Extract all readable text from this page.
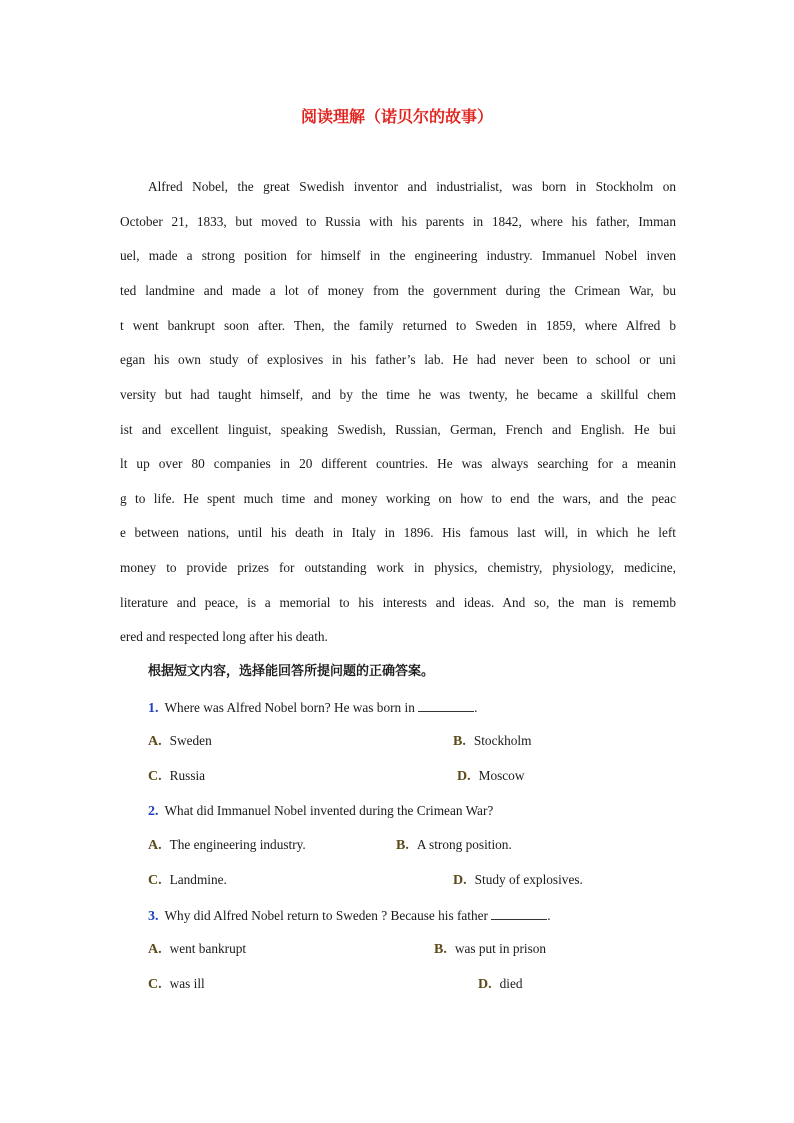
阅读理解（诺贝尔的故事）
Alfred Nobel, the great Swedish inventor and industrialist, was born in Stockholm on
October 21, 1833, but moved to Russia with his parents in 1842, where his father, Imman
uel, made a strong position for himself in the engineering industry. Immanuel Nobel inven
ted landmine and made a lot of money from the government during the Crimean War, bu
t went bankrupt soon after. Then, the family returned to Sweden in 1859, where Alfred b
egan his own study of explosives in his father’s lab. He had never been to school or uni
versity but had taught himself, and by the time he was twenty, he became a skillful chem
ist and excellent linguist, speaking Swedish, Russian, German, French and English. He bui
lt up over 80 companies in 20 different countries. He was always searching for a meanin
g to life. He spent much time and money working on how to end the wars, and the peac
e between nations, until his death in Italy in 1896. His famous last will, in which he left
money to provide prizes for outstanding work in physics, chemistry, physiology, medicine,
literature and peace, is a memorial to his interests and ideas. And so, the man is rememb
ered and respected long after his death.
根据短文内容，选择能回答所提问题的正确答案。
1. Where was Alfred Nobel born? He was born in	.
A. Sweden	B. Stockholm
C. Russia	D. Moscow
2. What did Immanuel Nobel invented during the Crimean War?
A. The engineering industry.	B. A strong position.
C. Landmine.	D. Study of explosives.
3. Why did Alfred Nobel return to Sweden ? Because his father	.
A. went bankrupt	B. was put in prison
C. was ill	D. died
